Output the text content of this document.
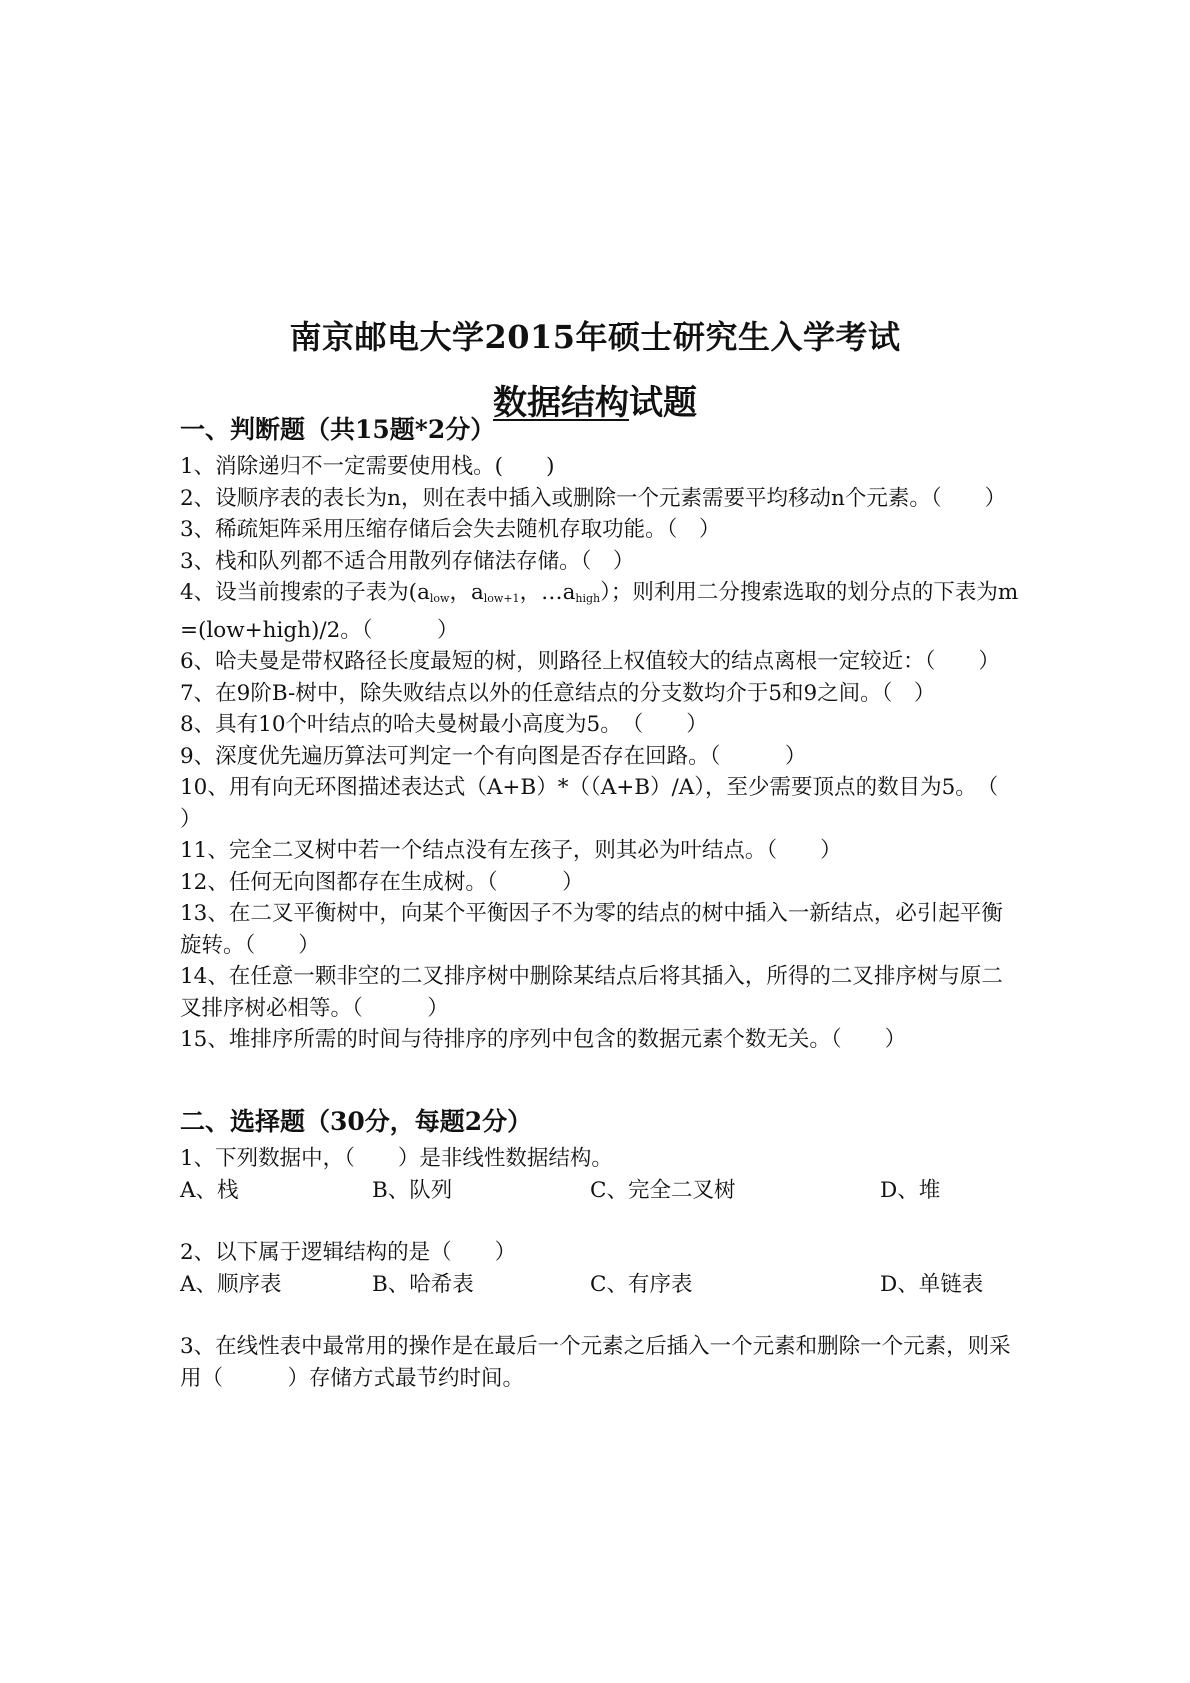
南京邮电大学2015年硕士研究生入学考试
数据结构试题
一、判断题（共15题*2分）
1、消除递归不一定需要使用栈。(　　)
2、设顺序表的表长为n，则在表中插入或删除一个元素需要平均移动n个元素。（　　）
3、稀疏矩阵采用压缩存储后会失去随机存取功能。（　）
3、栈和队列都不适合用散列存储法存储。（　）
4、设当前搜索的子表为($a_{low}$，$a_{low+1}$，$\dots a_{high}$）；则利用二分搜索选取的划分点的下表为m=(low+high)/2。（　　　）
6、哈夫曼是带权路径长度最短的树，则路径上权值较大的结点离根一定较近：（　　）
7、在9阶B-树中，除失败结点以外的任意结点的分支数均介于5和9之间。（　）
8、具有10个叶结点的哈夫曼树最小高度为5。　（　　）
9、深度优先遍历算法可判定一个有向图是否存在回路。（　　　）
10、用有向无环图描述表达式（A+B）*（（A+B）/A），至少需要顶点的数目为5。　（　　）
11、完全二叉树中若一个结点没有左孩子，则其必为叶结点。（　　）
12、任何无向图都存在生成树。（　　　）
13、在二叉平衡树中，向某个平衡因子不为零的结点的树中插入一新结点，必引起平衡旋转。（　　）
14、在任意一颗非空的二叉排序树中删除某结点后将其插入，所得的二叉排序树与原二叉排序树必相等。（　　　）
15、堆排序所需的时间与待排序的序列中包含的数据元素个数无关。（　　）
二、选择题（30分，每题2分）
1、下列数据中，（　　）是非线性数据结构。
A、栈	B、队列	C、完全二叉树	D、堆
2、以下属于逻辑结构的是（　　）
A、顺序表	B、哈希表	C、有序表	D、单链表
3、在线性表中最常用的操作是在最后一个元素之后插入一个元素和删除一个元素，则采用（　　　）存储方式最节约时间。
